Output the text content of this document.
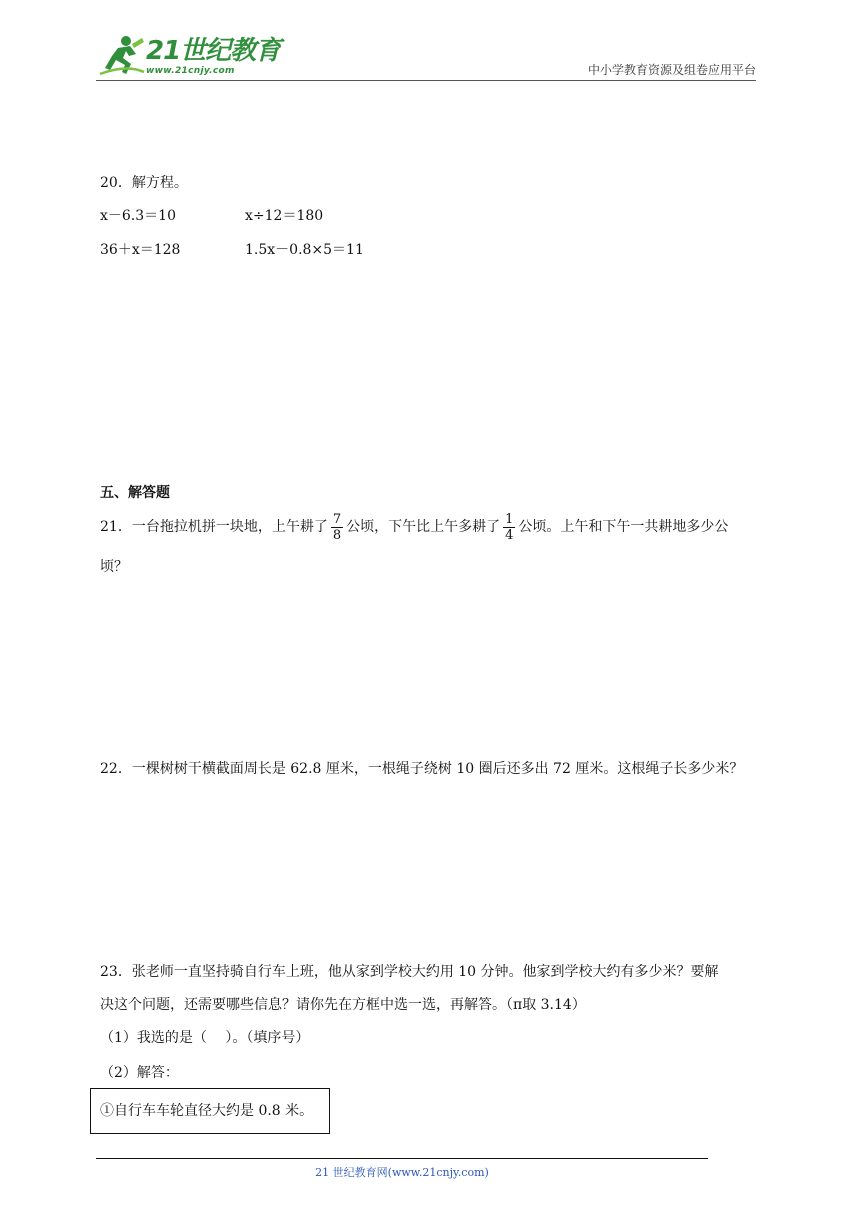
21世纪教育
www.21cnjy.com	中小学教育资源及组卷应用平台
20．解方程。
x－6.3＝10	x÷12＝180
36＋x＝128	1.5x－0.8×5＝11
五、解答题
21．一台拖拉机拼一块地，上午耕了 $\frac{7}{8}$ 公顷，下午比上午多耕了 $\frac{1}{4}$ 公顷。上午和下午一共耕地多少公
顷？
22．一棵树树干横截面周长是 62.8 厘米，一根绳子绕树 10 圈后还多出 72 厘米。这根绳子长多少米？
23．张老师一直坚持骑自行车上班，他从家到学校大约用 10 分钟。他家到学校大约有多少米？要解
决这个问题，还需要哪些信息？请你先在方框中选一选，再解答。（π取 3.14）
（1）我选的是（　 ）。（填序号）
（2）解答：
①自行车车轮直径大约是 0.8 米。
21 世纪教育网(www.21cnjy.com)
